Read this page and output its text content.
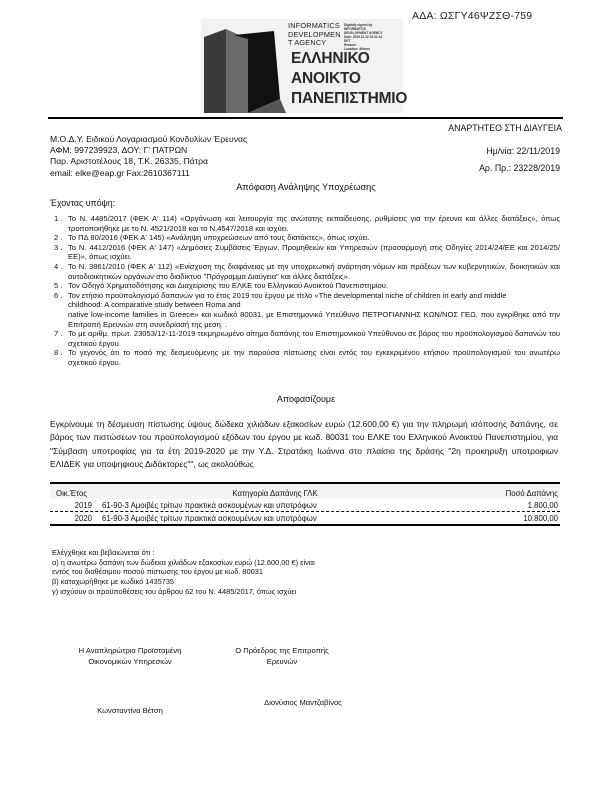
ΑΔΑ: ΩΣΓΥ46ΨΖΣΘ-759
INFORMATICS
DEVELOPMEN
T AGENCY
Digitally signed by
INFORMATICS
DEVELOPMENT AGENCY
Date: 2019.11.22 19:21:14
EET
Reason:
Location: Athens
ΕΛΛΗΝΙΚΟ
ΑΝΟΙΚΤΟ
ΠΑΝΕΠΙΣΤΗΜΙΟ
ΑΝΑΡΤΗΤΕΟ ΣΤΗ ΔΙΑΥΓΕΙΑ
Μ.Ο.Δ.Υ. Ειδικού Λογαριασμού Κονδυλίων Έρευνας
ΑΦΜ: 997239923, ΔΟΥ: Γ' ΠΑΤΡΩΝ
Παρ. Αριστοτέλους 18, Τ.Κ. 26335, Πάτρα
email: elke@eap.gr Fax:2610367111
Ημ/νία: 22/11/2019
Αρ. Πρ.: 23228/2019
Απόφαση Ανάληψης Υποχρέωσης
Έχοντας υπόψη:
1 . Το Ν. 4485/2017 (ΦΕΚ Α' 114) «Οργάνωση και λειτουργία της ανώτατης εκπαίδευσης, ρυθμίσεις για την έρευνα και άλλες διατάξεις», όπως τροποποιήθηκε με το Ν. 4521/2018 και το Ν.4547/2018 και ισχύει.
2 . Το ΠΔ 80/2016 (ΦΕΚ Α' 145) «Ανάληψη υποχρεώσεων από τους διατάκτες», όπως ισχύει.
3 . Το Ν. 4412/2016 (ΦΕΚ Α' 147) «Δημόσιες Συμβάσεις Έργων, Προμηθειών και Υπηρεσιών (προσαρμογή στις Οδηγίες 2014/24/ΕΕ και 2014/25/ΕΕ)», όπως ισχύει.
4 . Το Ν. 3861/2010 (ΦΕΚ Α' 112) «Ενίσχυση της διαφάνειας με την υποχρεωτική ανάρτηση νόμων και πράξεων των κυβερνητικών, διοικητικών και αυτοδιοικητικών οργάνων στο διαδίκτυο "Πρόγραμμα Διαύγεια" και άλλες διατάξεις».
5 . Τον Οδηγό Χρηματοδότησης και Διαχείρισης του ΕΛΚΕ του Ελληνικού Ανοικτού Πανεπιστημίου.
6 . Τον ετήσιο προϋπολογισμό δαπανών για το έτος 2019 του έργου με τίτλο «The developmental niche of children in early and middle
childhood: A comparative study between Roma and
native low-income families in Greece» και κωδικό 80031, με Επιστημονικό Υπεύθυνο ΠΕΤΡΟΓΙΑΝΝΗΣ ΚΩΝ/ΝΟΣ ΓΕΩ. που εγκρίθηκε από την Επιτροπή Ερευνών στη συνεδρίασή της μεση. .
7 . Το με αριθμ. πρωτ. 23053/12-11-2019 τεκμηριωμένο αίτημα δαπάνης του Επιστημονικού Υπεύθυνου σε βάρος του προϋπολογισμού δαπανών του σχετικού έργου.
8 . Το γεγονός ότι το ποσό της δεσμευόμενης με την παρούσα πίστωσης είναι εντός του εγκεκριμένου ετήσιου προϋπολογισμού του ανωτέρω σχετικού έργου.
Αποφασίζουμε
Εγκρίνουμε τη δέσμευση πίστωσης ύψους δώδεκα χιλιάδων εξακοσίων ευρώ (12.600,00 €) για την πληρωμή ισόποσης δαπάνης, σε βάρος των πιστώσεων του προϋπολογισμού εξόδων του έργου με κωδ. 80031 του ΕΛΚΕ του Ελληνικού Ανοικτού Πανεπιστημίου, για "Σύμβαση υποτροφίας για τα έτη 2019-2020 με την Υ.Δ. Στρατάκη Ιωάννα στο πλαίσιο της δράσης "2η προκηρυξη υποτροφιων ΕΛΙΔΕΚ για υποψηφιους Διδάκτορες"", ως ακολούθως
Οικ.Έτος	Κατηγορία Δαπάνης ΓΛΚ	Ποσό Δαπάνης
2019	61-90-3 Αμοιβές τρίτων πρακτικά ασκουμένων και υποτρόφων	1.800,00
2020	61-90-3 Αμοιβές τρίτων πρακτικά ασκουμένων και υποτρόφων	10.800,00
Ελέγχθηκε και βεβαιώνεται ότι :
α) η ανωτέρω δαπάνη των δώδεκα χιλιάδων εξακοσίων ευρώ (12.600,00 €) είναι
εντός του διαθέσιμου ποσού πίστωσης του έργου με κωδ. 80031
β) καταχωρήθηκε με κωδικό 1435735
γ) ισχύουν οι προϋποθέσεις του άρθρου 62 του Ν. 4485/2017, όπως ισχύει
Η Αναπληρώτρια Προϊσταμένη
Οικονομικών Υπηρεσιών
Ο Πρόεδρος της Επιτροπής
Ερευνών
Κωνσταντίνα Βέτση
Διονύσιος Μαντζαβίνος
